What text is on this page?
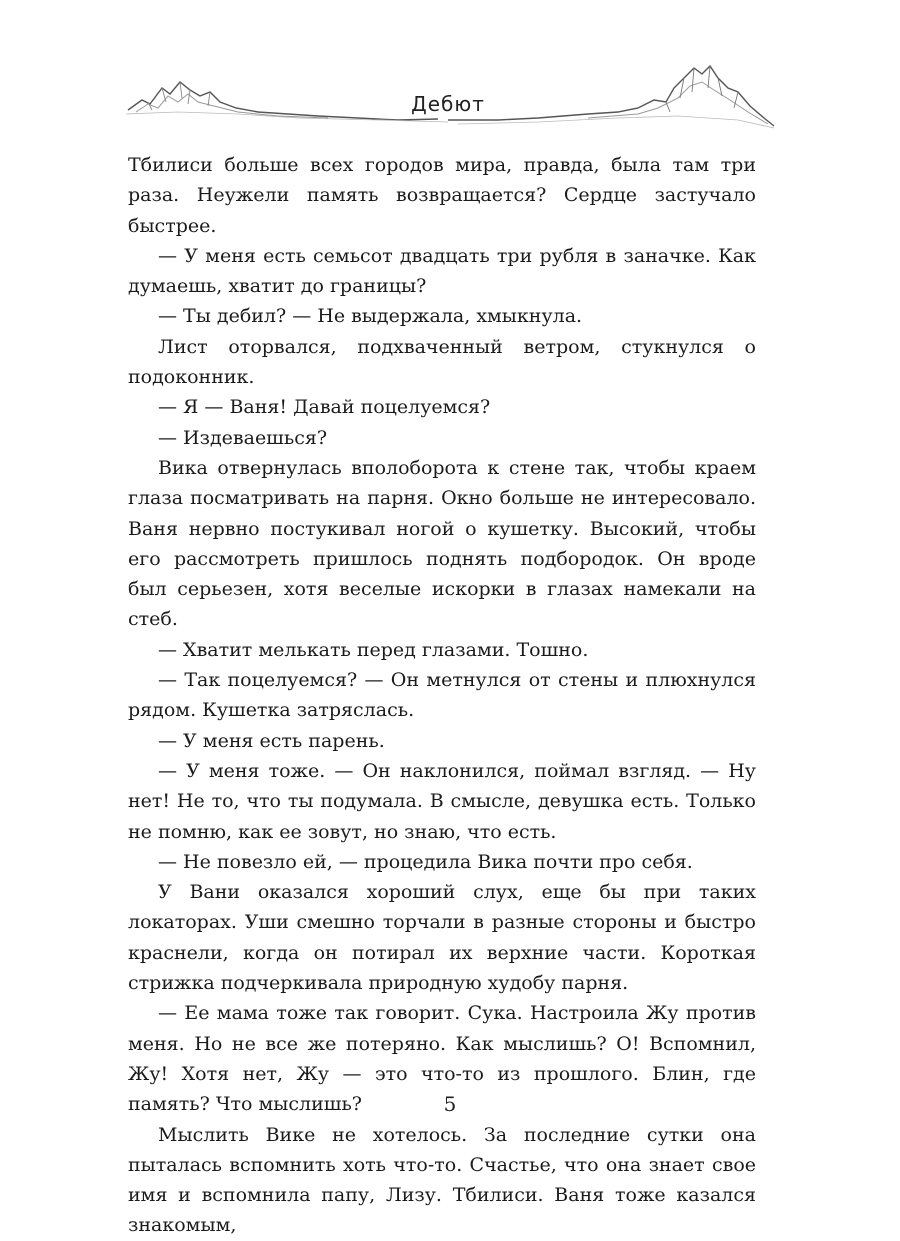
Дебют

Тбилиси больше всех городов мира, правда, была там три раза. Неужели память возвращается? Сердце застучало быстрее.

— У меня есть семьсот двадцать три рубля в заначке. Как думаешь, хватит до границы?

— Ты дебил? — Не выдержала, хмыкнула.

Лист оторвался, подхваченный ветром, стукнулся о подоконник.

— Я — Ваня! Давай поцелуемся?

— Издеваешься?

Вика отвернулась вполоборота к стене так, чтобы краем глаза посматривать на парня. Окно больше не интересовало. Ваня нервно постукивал ногой о кушетку. Высокий, чтобы его рассмотреть пришлось поднять подбородок. Он вроде был серьезен, хотя веселые искорки в глазах намекали на стеб.

— Хватит мелькать перед глазами. Тошно.

— Так поцелуемся? — Он метнулся от стены и плюхнулся рядом. Кушетка затряслась.

— У меня есть парень.

— У меня тоже. — Он наклонился, поймал взгляд. — Ну нет! Не то, что ты подумала. В смысле, девушка есть. Только не помню, как ее зовут, но знаю, что есть.

— Не повезло ей, — процедила Вика почти про себя.

У Вани оказался хороший слух, еще бы при таких локаторах. Уши смешно торчали в разные стороны и быстро краснели, когда он потирал их верхние части. Короткая стрижка подчеркивала природную худобу парня.

— Ее мама тоже так говорит. Сука. Настроила Жу против меня. Но не все же потеряно. Как мыслишь? О! Вспомнил, Жу! Хотя нет, Жу — это что-то из прошлого. Блин, где память? Что мыслишь?

Мыслить Вике не хотелось. За последние сутки она пыталась вспомнить хоть что-то. Счастье, что она знает свое имя и вспомнила папу, Лизу. Тбилиси. Ваня тоже казался знакомым,

5
